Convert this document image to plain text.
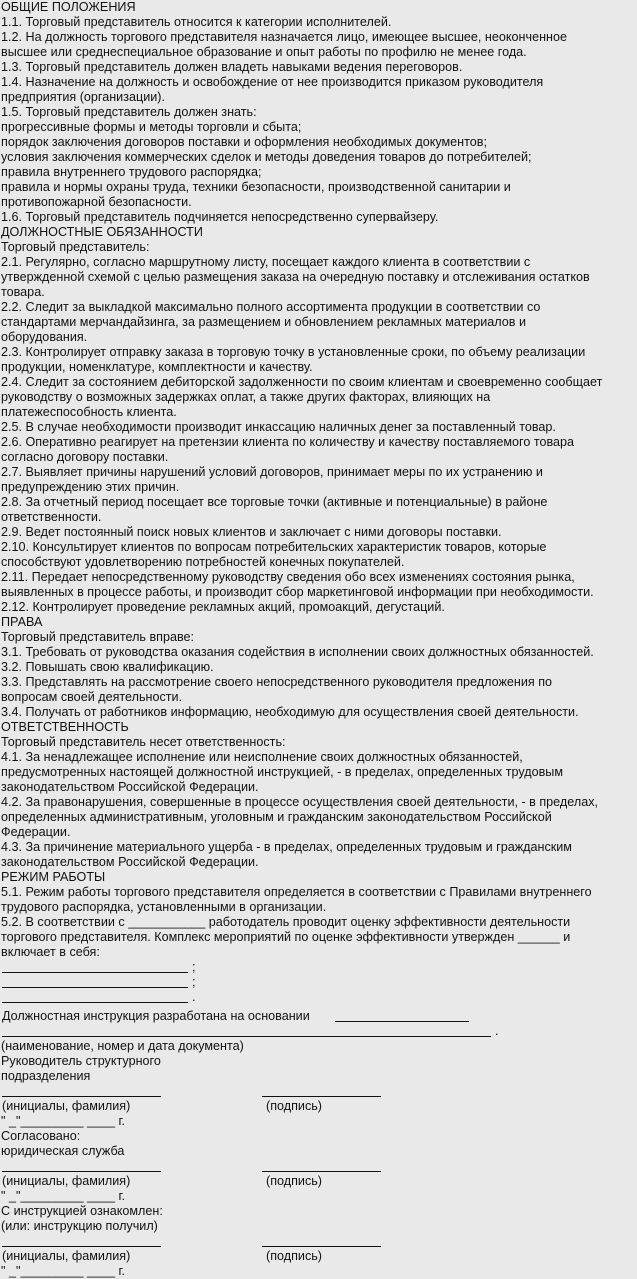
ОБЩИЕ ПОЛОЖЕНИЯ
1.1. Торговый представитель относится к категории исполнителей.
1.2. На должность торгового представителя назначается лицо, имеющее высшее, неоконченное
высшее или среднеспециальное образование и опыт работы по профилю не менее года.
1.3. Торговый представитель должен владеть навыками ведения переговоров.
1.4. Назначение на должность и освобождение от нее производится приказом руководителя
предприятия (организации).
1.5. Торговый представитель должен знать:
прогрессивные формы и методы торговли и сбыта;
порядок заключения договоров поставки и оформления необходимых документов;
условия заключения коммерческих сделок и методы доведения товаров до потребителей;
правила внутреннего трудового распорядка;
правила и нормы охраны труда, техники безопасности, производственной санитарии и
противопожарной безопасности.
1.6. Торговый представитель подчиняется непосредственно супервайзеру.
ДОЛЖНОСТНЫЕ ОБЯЗАННОСТИ
Торговый представитель:
2.1. Регулярно, согласно маршрутному листу, посещает каждого клиента в соответствии с
утвержденной схемой с целью размещения заказа на очередную поставку и отслеживания остатков
товара.
2.2. Следит за выкладкой максимально полного ассортимента продукции в соответствии со
стандартами мерчандайзинга, за размещением и обновлением рекламных материалов и
оборудования.
2.3. Контролирует отправку заказа в торговую точку в установленные сроки, по объему реализации
продукции, номенклатуре, комплектности и качеству.
2.4. Следит за состоянием дебиторской задолженности по своим клиентам и своевременно сообщает
руководству о возможных задержках оплат, а также других факторах, влияющих на
платежеспособность клиента.
2.5. В случае необходимости производит инкассацию наличных денег за поставленный товар.
2.6. Оперативно реагирует на претензии клиента по количеству и качеству поставляемого товара
согласно договору поставки.
2.7. Выявляет причины нарушений условий договоров, принимает меры по их устранению и
предупреждению этих причин.
2.8. За отчетный период посещает все торговые точки (активные и потенциальные) в районе
ответственности.
2.9. Ведет постоянный поиск новых клиентов и заключает с ними договоры поставки.
2.10. Консультирует клиентов по вопросам потребительских характеристик товаров, которые
способствуют удовлетворению потребностей конечных покупателей.
2.11. Передает непосредственному руководству сведения обо всех изменениях состояния рынка,
выявленных в процессе работы, и производит сбор маркетинговой информации при необходимости.
2.12. Контролирует проведение рекламных акций, промоакций, дегустаций.
ПРАВА
Торговый представитель вправе:
3.1. Требовать от руководства оказания содействия в исполнении своих должностных обязанностей.
3.2. Повышать свою квалификацию.
3.3. Представлять на рассмотрение своего непосредственного руководителя предложения по
вопросам своей деятельности.
3.4. Получать от работников информацию, необходимую для осуществления своей деятельности.
ОТВЕТСТВЕННОСТЬ
Торговый представитель несет ответственность:
4.1. За ненадлежащее исполнение или неисполнение своих должностных обязанностей,
предусмотренных настоящей должностной инструкцией, - в пределах, определенных трудовым
законодательством Российской Федерации.
4.2. За правонарушения, совершенные в процессе осуществления своей деятельности, - в пределах,
определенных административным, уголовным и гражданским законодательством Российской
Федерации.
4.3. За причинение материального ущерба - в пределах, определенных трудовым и гражданским
законодательством Российской Федерации.
РЕЖИМ РАБОТЫ
5.1. Режим работы торгового представителя определяется в соответствии с Правилами внутреннего
трудового распорядка, установленными в организации.
5.2. В соответствии с ___________ работодатель проводит оценку эффективности деятельности
торгового представителя. Комплекс мероприятий по оценке эффективности утвержден ______ и
включает в себя:
;
;
.
Должностная инструкция разработана на основании
.
(наименование, номер и дата документа)
Руководитель структурного
подразделения
(инициалы, фамилия)	(подпись)
" _"_________ ____ г.
Согласовано:
юридическая служба
(инициалы, фамилия)	(подпись)
" _"_________ ____ г.
С инструкцией ознакомлен:
(или: инструкцию получил)
(инициалы, фамилия)	(подпись)
" _"_________ ____ г.
